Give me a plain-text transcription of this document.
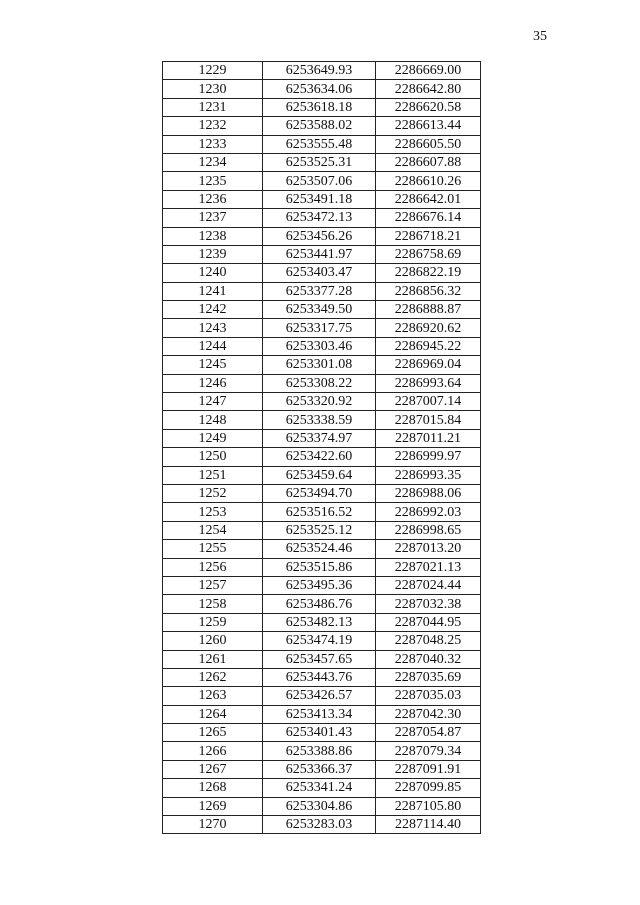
35
1229	6253649.93	2286669.00
1230	6253634.06	2286642.80
1231	6253618.18	2286620.58
1232	6253588.02	2286613.44
1233	6253555.48	2286605.50
1234	6253525.31	2286607.88
1235	6253507.06	2286610.26
1236	6253491.18	2286642.01
1237	6253472.13	2286676.14
1238	6253456.26	2286718.21
1239	6253441.97	2286758.69
1240	6253403.47	2286822.19
1241	6253377.28	2286856.32
1242	6253349.50	2286888.87
1243	6253317.75	2286920.62
1244	6253303.46	2286945.22
1245	6253301.08	2286969.04
1246	6253308.22	2286993.64
1247	6253320.92	2287007.14
1248	6253338.59	2287015.84
1249	6253374.97	2287011.21
1250	6253422.60	2286999.97
1251	6253459.64	2286993.35
1252	6253494.70	2286988.06
1253	6253516.52	2286992.03
1254	6253525.12	2286998.65
1255	6253524.46	2287013.20
1256	6253515.86	2287021.13
1257	6253495.36	2287024.44
1258	6253486.76	2287032.38
1259	6253482.13	2287044.95
1260	6253474.19	2287048.25
1261	6253457.65	2287040.32
1262	6253443.76	2287035.69
1263	6253426.57	2287035.03
1264	6253413.34	2287042.30
1265	6253401.43	2287054.87
1266	6253388.86	2287079.34
1267	6253366.37	2287091.91
1268	6253341.24	2287099.85
1269	6253304.86	2287105.80
1270	6253283.03	2287114.40
